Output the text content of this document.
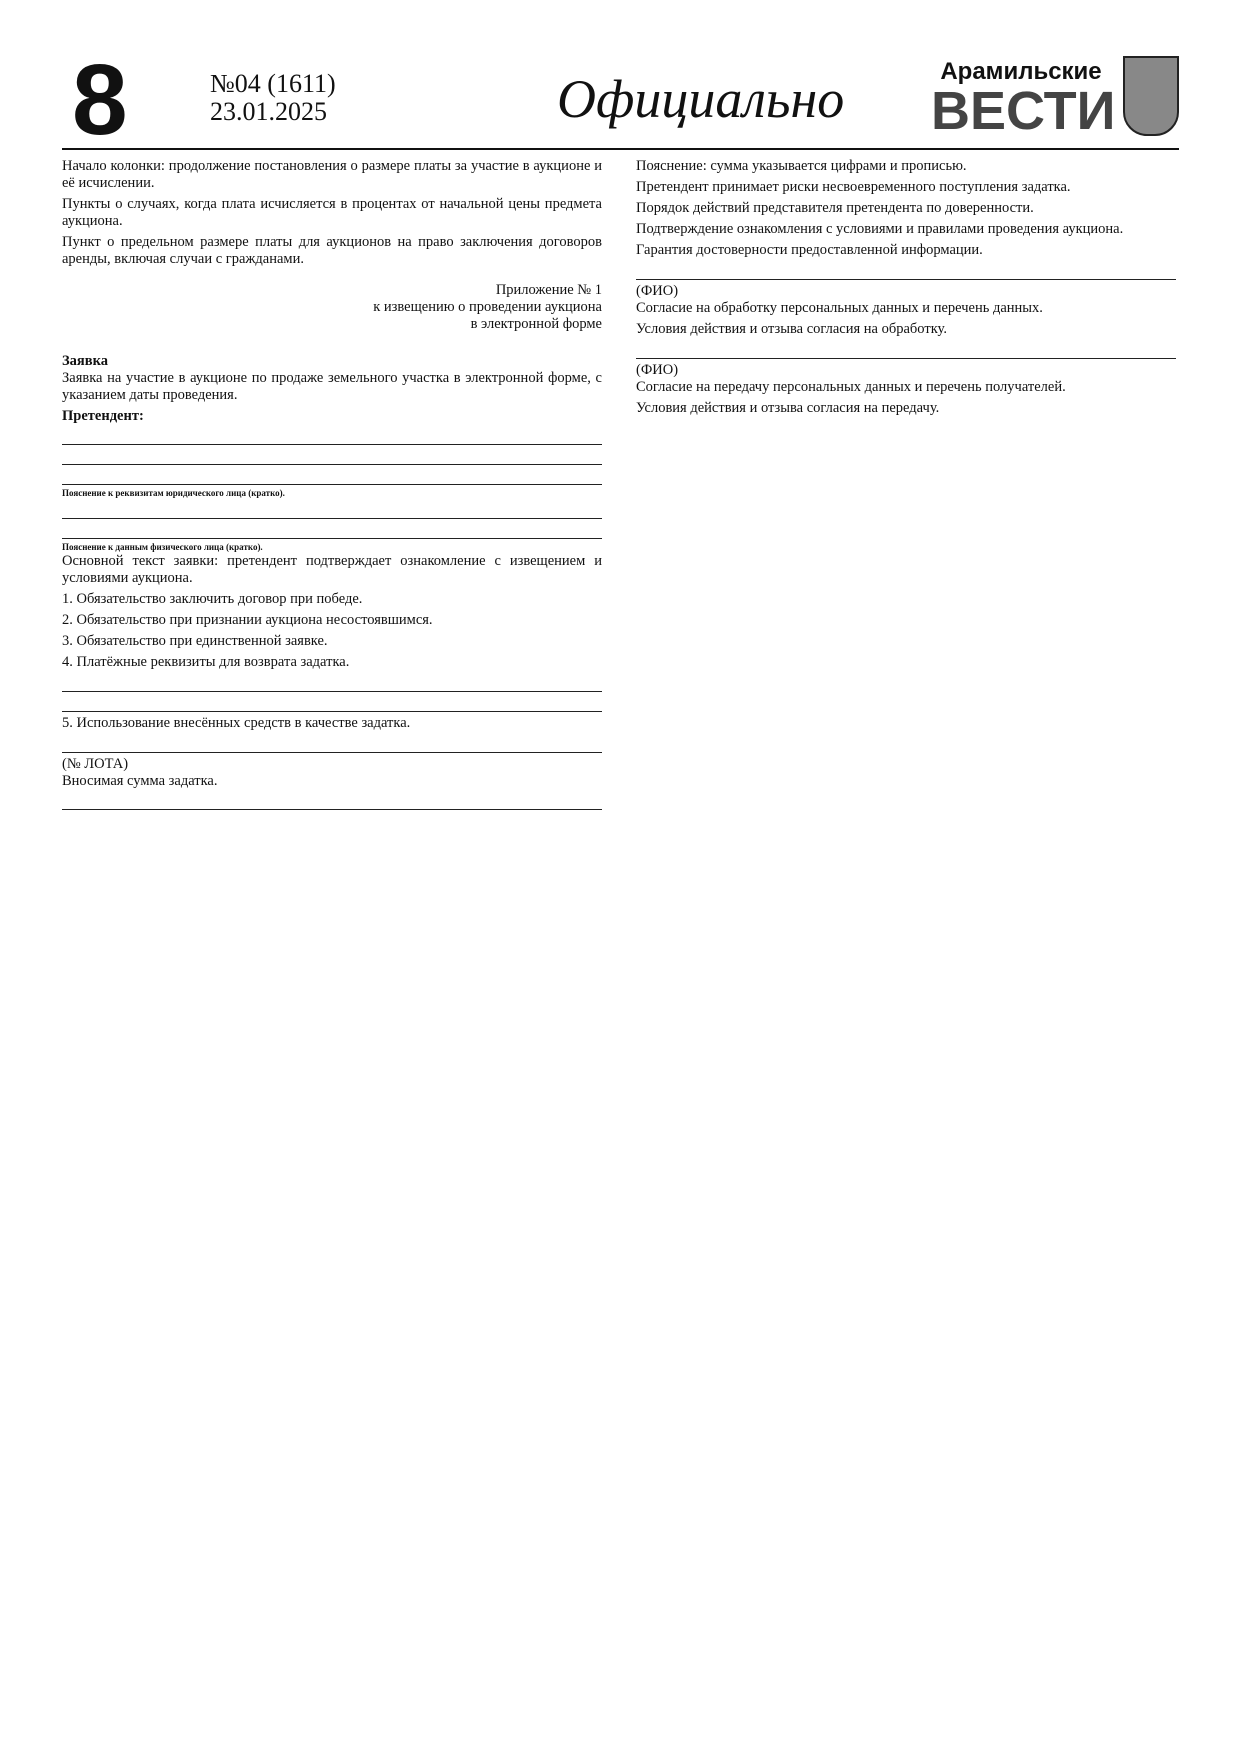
8	№04 (1611)
23.01.2025	Официально	Арамильские
ВЕСТИ

Начало колонки: продолжение постановления о размере платы за участие в аукционе и её исчислении.

Пункты о случаях, когда плата исчисляется в процентах от начальной цены предмета аукциона.

Пункт о предельном размере платы для аукционов на право заключения договоров аренды, включая случаи с гражданами.

Приложение № 1
к извещению о проведении аукциона
в электронной форме
Заявка

Заявка на участие в аукционе по продаже земельного участка в электронной форме, с указанием даты проведения.

Претендент:
Пояснение к реквизитам юридического лица (кратко).
Пояснение к данным физического лица (кратко).

Основной текст заявки: претендент подтверждает ознакомление с извещением и условиями аукциона.

1. Обязательство заключить договор при победе.

2. Обязательство при признании аукциона несостоявшимся.

3. Обязательство при единственной заявке.

4. Платёжные реквизиты для возврата задатка.

5. Использование внесённых средств в качестве задатка.

(№ ЛОТА)
Вносимая сумма задатка.

Пояснение: сумма указывается цифрами и прописью.

Претендент принимает риски несвоевременного поступления задатка.

Порядок действий представителя претендента по доверенности.

Подтверждение ознакомления с условиями и правилами проведения аукциона.

Гарантия достоверности предоставленной информации.

(ФИО)

Согласие на обработку персональных данных и перечень данных.

Условия действия и отзыва согласия на обработку.

(ФИО)

Согласие на передачу персональных данных и перечень получателей.

Условия действия и отзыва согласия на передачу.
